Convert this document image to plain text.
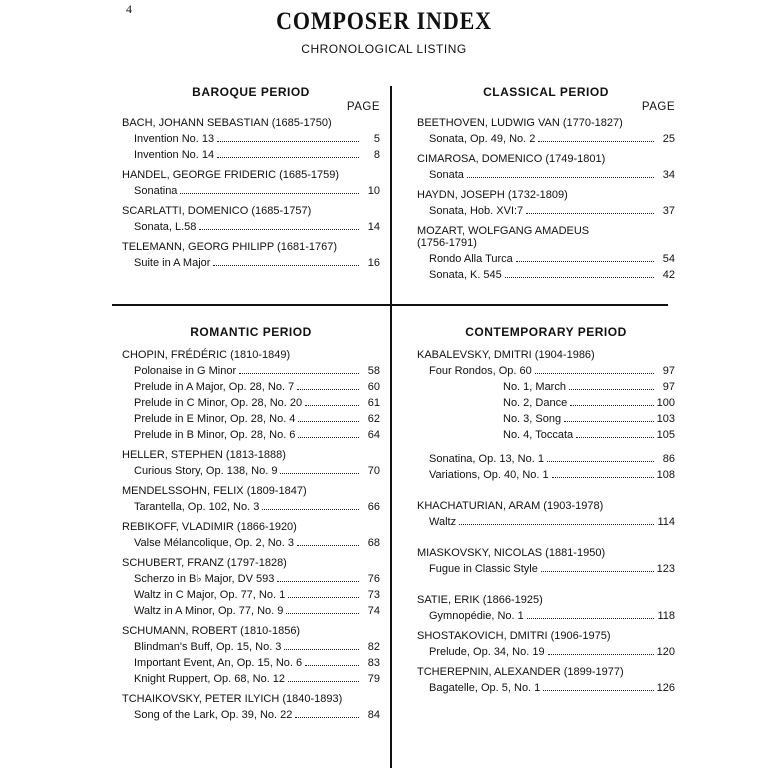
4	COMPOSER INDEX
CHRONOLOGICAL LISTING
BAROQUE PERIOD
PAGE
BACH, JOHANN SEBASTIAN (1685-1750)
Invention No. 13	5
Invention No. 14	8
HANDEL, GEORGE FRIDERIC (1685-1759)
Sonatina	10
SCARLATTI, DOMENICO (1685-1757)
Sonata, L.58	14
TELEMANN, GEORG PHILIPP (1681-1767)
Suite in A Major	16
CLASSICAL PERIOD
PAGE
BEETHOVEN, LUDWIG VAN (1770-1827)
Sonata, Op. 49, No. 2	25
CIMAROSA, DOMENICO (1749-1801)
Sonata	34
HAYDN, JOSEPH (1732-1809)
Sonata, Hob. XVI:7	37
MOZART, WOLFGANG AMADEUS
(1756-1791)
Rondo Alla Turca	54
Sonata, K. 545	42
ROMANTIC PERIOD
CHOPIN, FRÉDÉRIC (1810-1849)
Polonaise in G Minor	58
Prelude in A Major, Op. 28, No. 7	60
Prelude in C Minor, Op. 28, No. 20	61
Prelude in E Minor, Op. 28, No. 4	62
Prelude in B Minor, Op. 28, No. 6	64
HELLER, STEPHEN (1813-1888)
Curious Story, Op. 138, No. 9	70
MENDELSSOHN, FELIX (1809-1847)
Tarantella, Op. 102, No. 3	66
REBIKOFF, VLADIMIR (1866-1920)
Valse Mélancolique, Op. 2, No. 3	68
SCHUBERT, FRANZ (1797-1828)
Scherzo in B♭ Major, DV 593	76
Waltz in C Major, Op. 77, No. 1	73
Waltz in A Minor, Op. 77, No. 9	74
SCHUMANN, ROBERT (1810-1856)
Blindman's Buff, Op. 15, No. 3	82
Important Event, An, Op. 15, No. 6	83
Knight Ruppert, Op. 68, No. 12	79
TCHAIKOVSKY, PETER ILYICH (1840-1893)
Song of the Lark, Op. 39, No. 22	84
CONTEMPORARY PERIOD
KABALEVSKY, DMITRI (1904-1986)
Four Rondos, Op. 60	97
No. 1, March	97
No. 2, Dance	100
No. 3, Song	103
No. 4, Toccata	105
Sonatina, Op. 13, No. 1	86
Variations, Op. 40, No. 1	108
KHACHATURIAN, ARAM (1903-1978)
Waltz	114
MIASKOVSKY, NICOLAS (1881-1950)
Fugue in Classic Style	123
SATIE, ERIK (1866-1925)
Gymnopédie, No. 1	118
SHOSTAKOVICH, DMITRI (1906-1975)
Prelude, Op. 34, No. 19	120
TCHEREPNIN, ALEXANDER (1899-1977)
Bagatelle, Op. 5, No. 1	126
